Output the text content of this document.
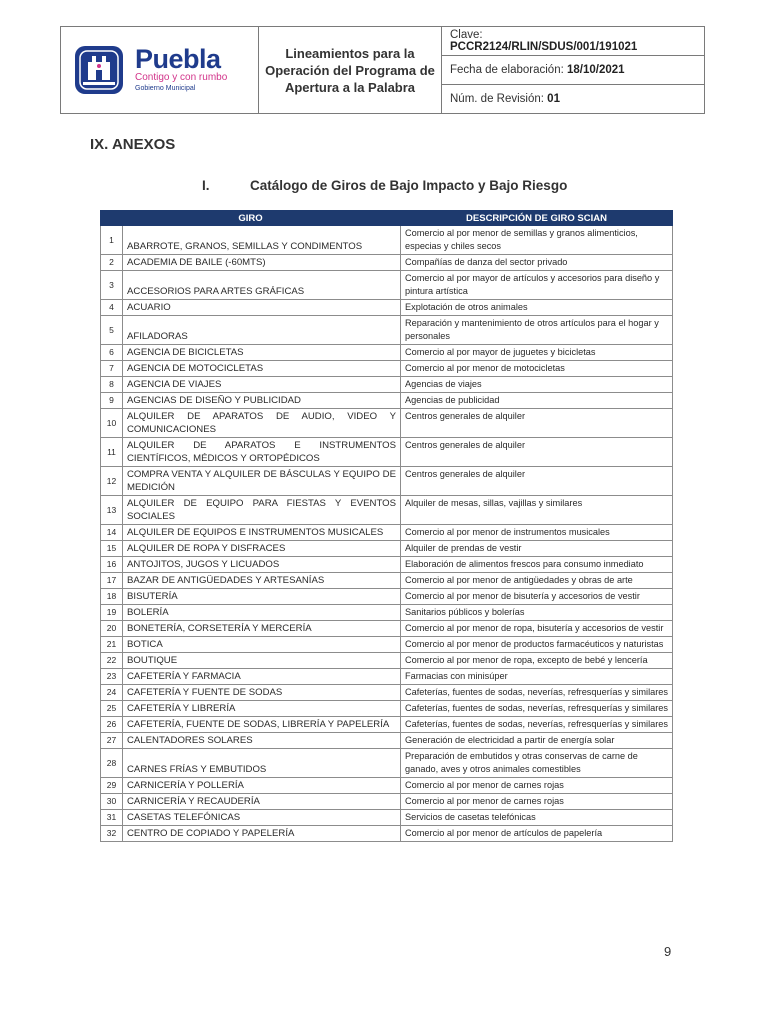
Puebla
Contigo y con rumbo
Gobierno Municipal
Lineamientos para la Operación del Programa de Apertura a la Palabra
Clave:
PCCR2124/RLIN/SDUS/001/191021
Fecha de elaboración: 18/10/2021
Núm. de Revisión: 01
IX. ANEXOS
I.	Catálogo de Giros de Bajo Impacto y Bajo Riesgo
GIRO		DESCRIPCIÓN DE GIRO SCIAN
1	ABARROTE, GRANOS, SEMILLAS Y CONDIMENTOS	Comercio al por menor de semillas y granos alimenticios, especias y chiles secos
2	ACADEMIA DE BAILE (-60MTS)	Compañías de danza del sector privado
3	ACCESORIOS PARA ARTES GRÁFICAS	Comercio al por mayor de artículos y accesorios para diseño y pintura artística
4	ACUARIO	Explotación de otros animales
5	AFILADORAS	Reparación y mantenimiento de otros artículos para el hogar y personales
6	AGENCIA DE BICICLETAS	Comercio al por mayor de juguetes y bicicletas
7	AGENCIA DE MOTOCICLETAS	Comercio al por menor de motocicletas
8	AGENCIA DE VIAJES	Agencias de viajes
9	AGENCIAS DE DISEÑO Y PUBLICIDAD	Agencias de publicidad
10	ALQUILER DE APARATOS DE AUDIO, VIDEO Y COMUNICACIONES	Centros generales de alquiler
11	ALQUILER DE APARATOS E INSTRUMENTOS CIENTÍFICOS, MÉDICOS Y ORTOPÉDICOS	Centros generales de alquiler
12	COMPRA VENTA Y ALQUILER DE BÁSCULAS Y EQUIPO DE MEDICIÓN	Centros generales de alquiler
13	ALQUILER DE EQUIPO PARA FIESTAS Y EVENTOS SOCIALES	Alquiler de mesas, sillas, vajillas y similares
14	ALQUILER DE EQUIPOS E INSTRUMENTOS MUSICALES	Comercio al por menor de instrumentos musicales
15	ALQUILER DE ROPA Y DISFRACES	Alquiler de prendas de vestir
16	ANTOJITOS, JUGOS Y LICUADOS	Elaboración de alimentos frescos para consumo inmediato
17	BAZAR DE ANTIGÜEDADES Y ARTESANÍAS	Comercio al por menor de antigüedades y obras de arte
18	BISUTERÍA	Comercio al por menor de bisutería y accesorios de vestir
19	BOLERÍA	Sanitarios públicos y bolerías
20	BONETERÍA, CORSETERÍA Y MERCERÍA	Comercio al por menor de ropa, bisutería y accesorios de vestir
21	BOTICA	Comercio al por menor de productos farmacéuticos y naturistas
22	BOUTIQUE	Comercio al por menor de ropa, excepto de bebé y lencería
23	CAFETERÍA Y FARMACIA	Farmacias con minisúper
24	CAFETERÍA Y FUENTE DE SODAS	Cafeterías, fuentes de sodas, neverías, refresquerías y similares
25	CAFETERÍA Y LIBRERÍA	Cafeterías, fuentes de sodas, neverías, refresquerías y similares
26	CAFETERÍA, FUENTE DE SODAS, LIBRERÍA Y PAPELERÍA	Cafeterías, fuentes de sodas, neverías, refresquerías y similares
27	CALENTADORES SOLARES	Generación de electricidad a partir de energía solar
28	CARNES FRÍAS Y EMBUTIDOS	Preparación de embutidos y otras conservas de carne de ganado, aves y otros animales comestibles
29	CARNICERÍA Y POLLERÍA	Comercio al por menor de carnes rojas
30	CARNICERÍA Y RECAUDERÍA	Comercio al por menor de carnes rojas
31	CASETAS TELEFÓNICAS	Servicios de casetas telefónicas
32	CENTRO DE COPIADO Y PAPELERÍA	Comercio al por menor de artículos de papelería
9
